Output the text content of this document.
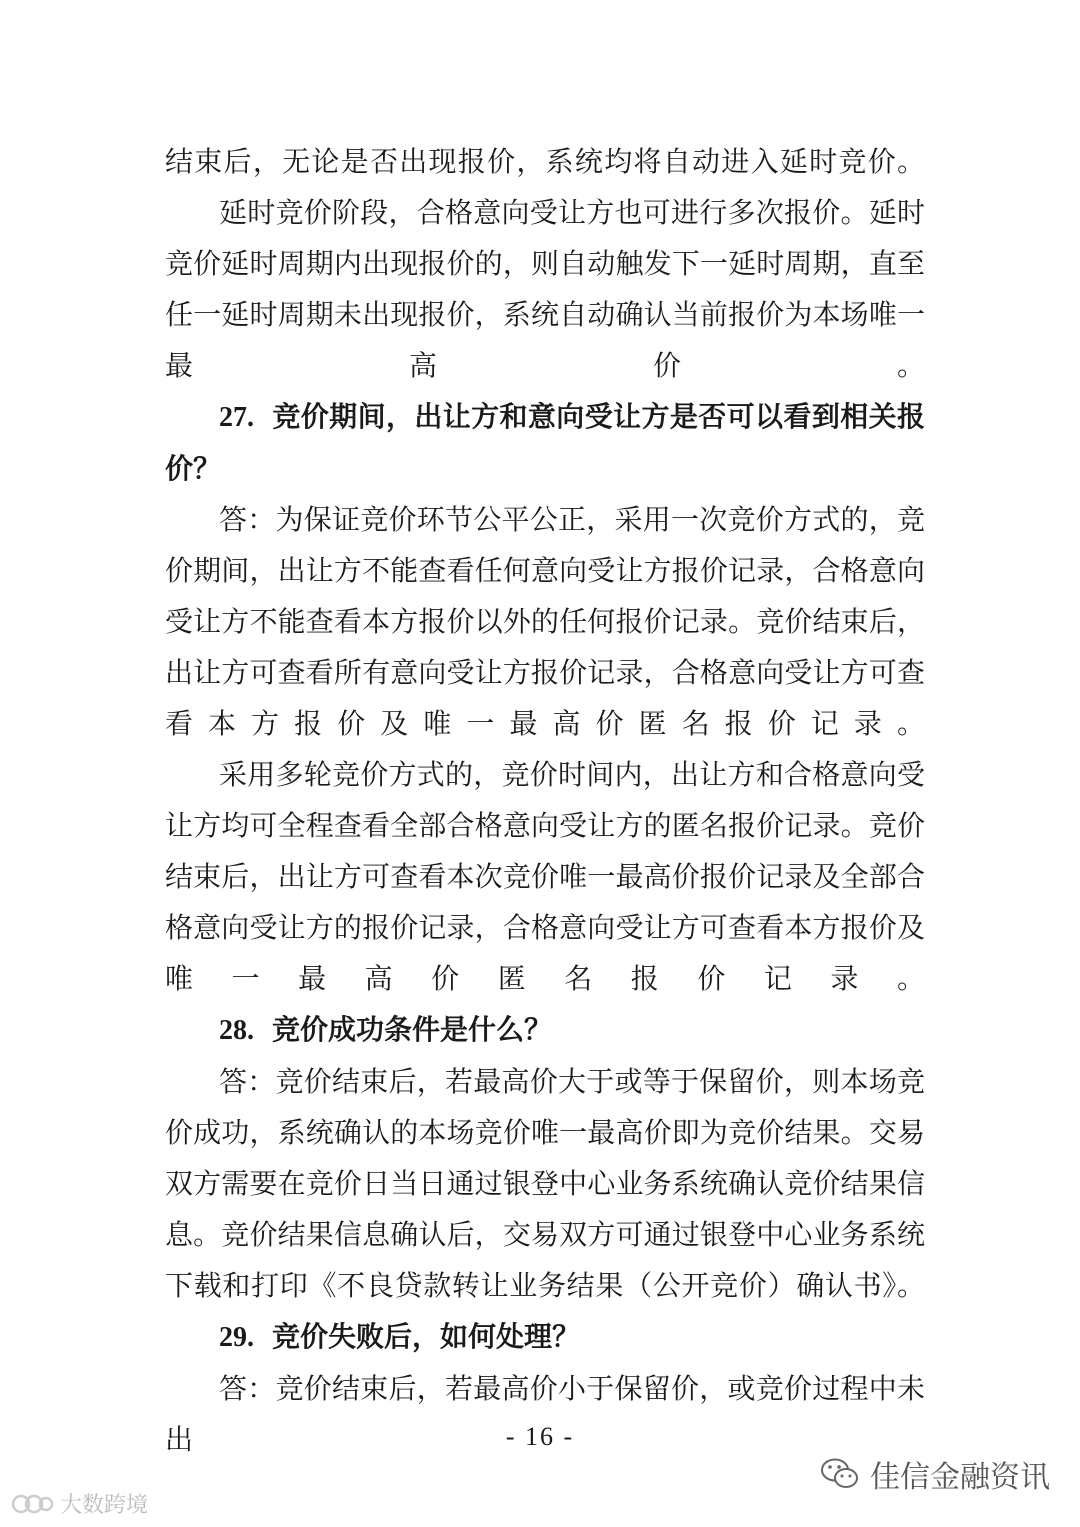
结束后，无论是否出现报价，系统均将自动进入延时竞价。

延时竞价阶段，合格意向受让方也可进行多次报价。延时竞价延时周期内出现报价的，则自动触发下一延时周期，直至任一延时周期未出现报价，系统自动确认当前报价为本场唯一最高价。

27. 竞价期间，出让方和意向受让方是否可以看到相关报价？

答：为保证竞价环节公平公正，采用一次竞价方式的，竞价期间，出让方不能查看任何意向受让方报价记录，合格意向受让方不能查看本方报价以外的任何报价记录。竞价结束后，出让方可查看所有意向受让方报价记录，合格意向受让方可查看本方报价及唯一最高价匿名报价记录。

采用多轮竞价方式的，竞价时间内，出让方和合格意向受让方均可全程查看全部合格意向受让方的匿名报价记录。竞价结束后，出让方可查看本次竞价唯一最高价报价记录及全部合格意向受让方的报价记录，合格意向受让方可查看本方报价及唯一最高价匿名报价记录。

28. 竞价成功条件是什么？

答：竞价结束后，若最高价大于或等于保留价，则本场竞价成功，系统确认的本场竞价唯一最高价即为竞价结果。交易双方需要在竞价日当日通过银登中心业务系统确认竞价结果信息。竞价结果信息确认后，交易双方可通过银登中心业务系统下载和打印《不良贷款转让业务结果（公开竞价）确认书》。

29. 竞价失败后，如何处理？

答：竞价结束后，若最高价小于保留价，或竞价过程中未出	- 16 -
佳信金融资讯
大数跨境
